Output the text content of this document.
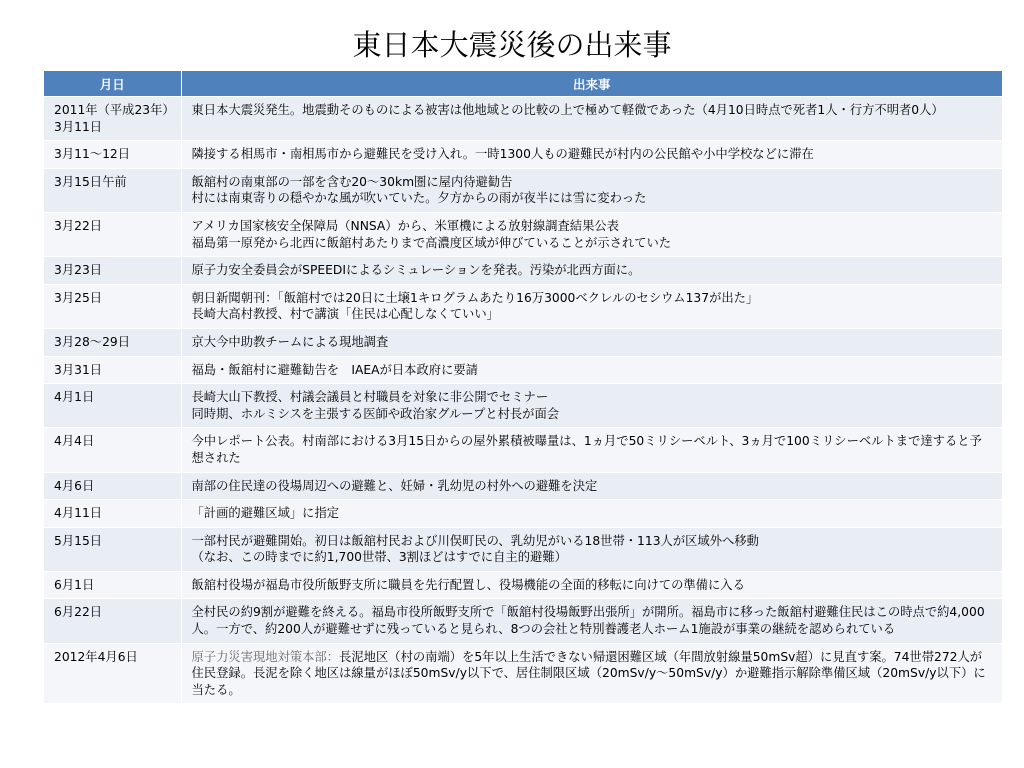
東日本大震災後の出来事
月日	出来事
2011年（平成23年）3月11日	東日本大震災発生。地震動そのものによる被害は他地域との比較の上で極めて軽微であった（4月10日時点で死者1人・行方不明者0人）

3月11〜12日	隣接する相馬市・南相馬市から避難民を受け入れ。一時1300人もの避難民が村内の公民館や小中学校などに滞在

3月15日午前	飯舘村の南東部の一部を含む20〜30km圏に屋内待避勧告
村には南東寄りの穏やかな風が吹いていた。夕方からの雨が夜半には雪に変わった

3月22日	アメリカ国家核安全保障局（NNSA）から、米軍機による放射線調査結果公表
福島第一原発から北西に飯舘村あたりまで高濃度区域が伸びていることが示されていた

3月23日	原子力安全委員会がSPEEDIによるシミュレーションを発表。汚染が北西方面に。

3月25日	朝日新聞朝刊：「飯舘村では20日に土壌1キログラムあたり16万3000ベクレルのセシウム137が出た」
長崎大高村教授、村で講演「住民は心配しなくていい」

3月28〜29日	京大今中助教チームによる現地調査

3月31日	福島・飯舘村に避難勧告を　IAEAが日本政府に要請

4月1日	長崎大山下教授、村議会議員と村職員を対象に非公開でセミナー
同時期、ホルミシスを主張する医師や政治家グループと村長が面会

4月4日	今中レポート公表。村南部における3月15日からの屋外累積被曝量は、1ヵ月で50ミリシーベルト、3ヵ月で100ミリシーベルトまで達すると予想された

4月6日	南部の住民達の役場周辺への避難と、妊婦・乳幼児の村外への避難を決定

4月11日	「計画的避難区域」に指定

5月15日	一部村民が避難開始。初日は飯舘村民および川俣町民の、乳幼児がいる18世帯・113人が区域外へ移動
（なお、この時までに約1,700世帯、3割ほどはすでに自主的避難）

6月1日	飯舘村役場が福島市役所飯野支所に職員を先行配置し、役場機能の全面的移転に向けての準備に入る

6月22日	全村民の約9割が避難を終える。福島市役所飯野支所で「飯舘村役場飯野出張所」が開所。福島市に移った飯舘村避難住民はこの時点で約4,000人。一方で、約200人が避難せずに残っていると見られ、8つの会社と特別養護老人ホーム1施設が事業の継続を認められている

2012年4月6日	原子力災害現地対策本部：長泥地区（村の南端）を5年以上生活できない帰還困難区域（年間放射線量50mSv超）に見直す案。74世帯272人が住民登録。長泥を除く地区は線量がほぼ50mSv/y以下で、居住制限区域（20mSv/y〜50mSv/y）か避難指示解除準備区域（20mSv/y以下）に当たる。
